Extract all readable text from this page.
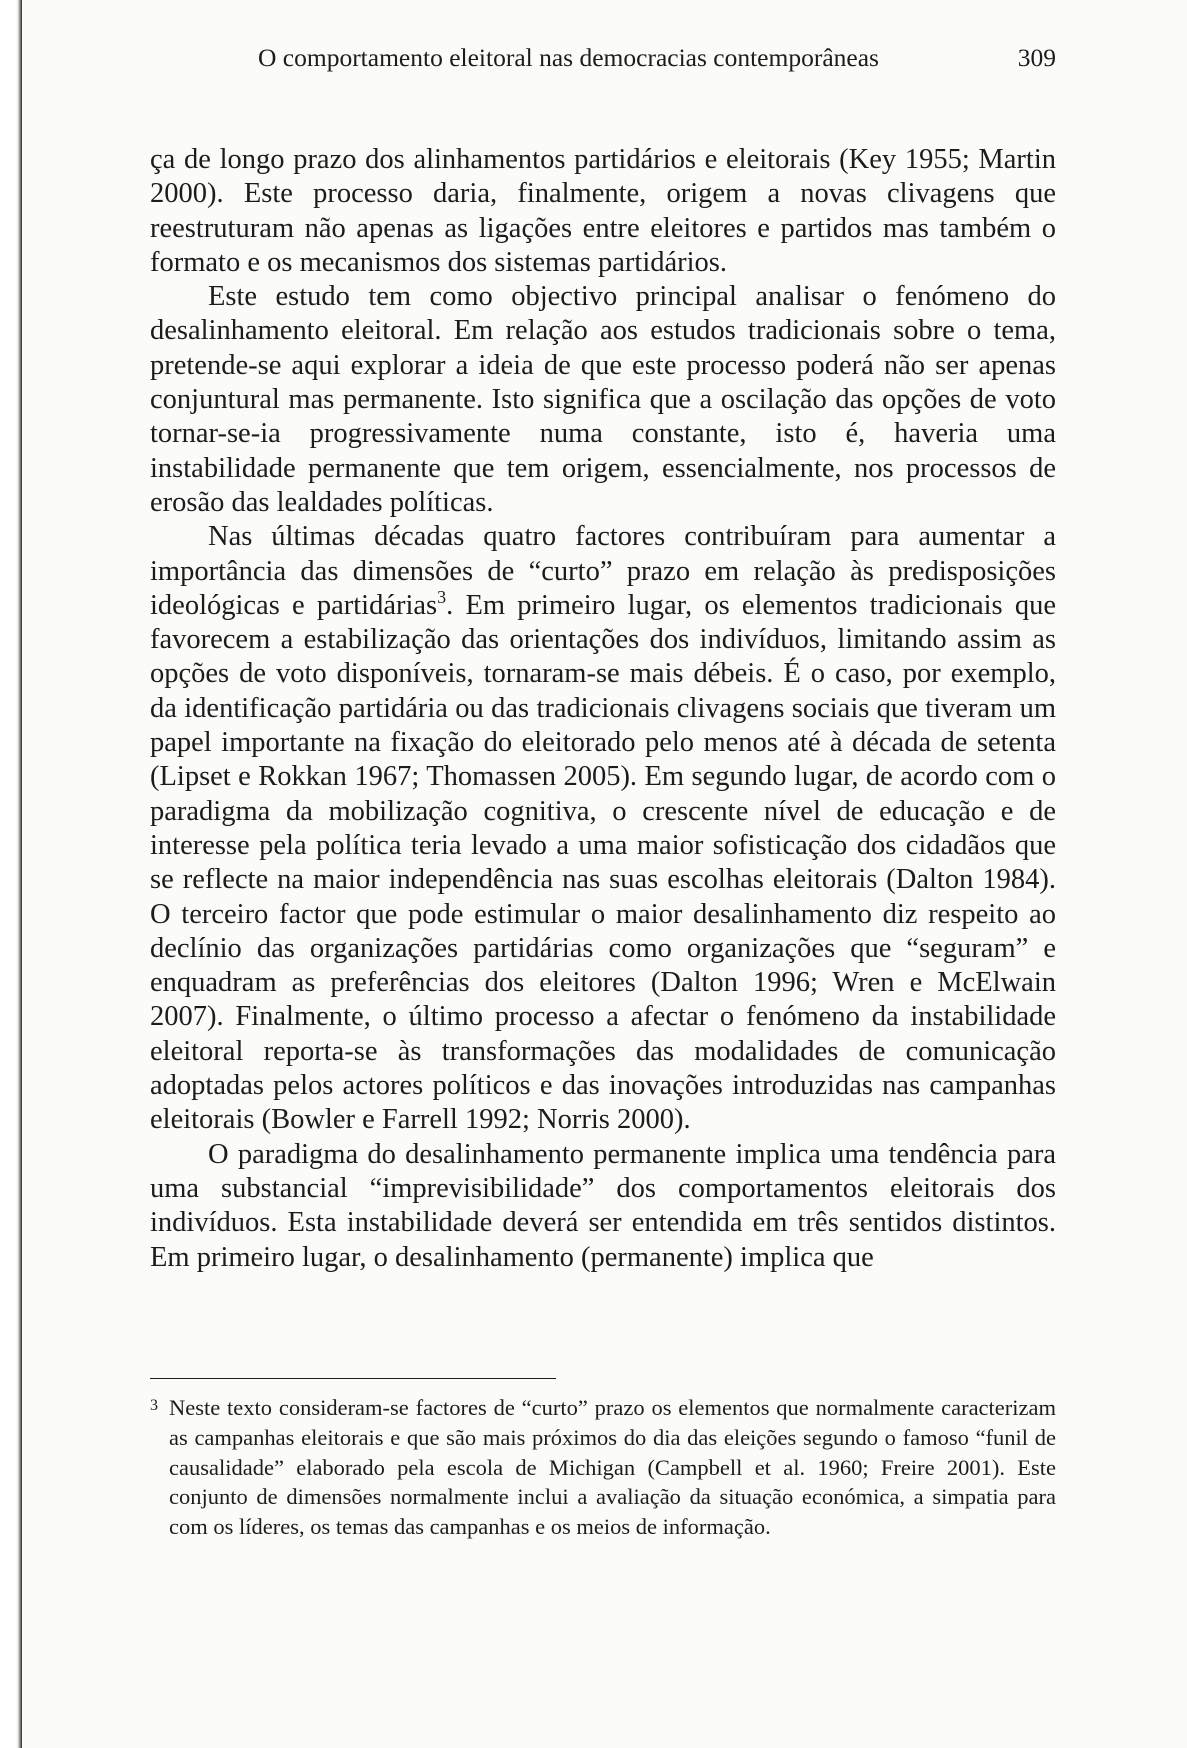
O comportamento eleitoral nas democracias contemporâneas	309

ça de longo prazo dos alinhamentos partidários e eleitorais (Key 1955; Martin 2000). Este processo daria, finalmente, origem a novas clivagens que reestruturam não apenas as ligações entre eleitores e partidos mas também o formato e os mecanismos dos sistemas partidários.

Este estudo tem como objectivo principal analisar o fenómeno do desalinhamento eleitoral. Em relação aos estudos tradicionais sobre o tema, pretende-se aqui explorar a ideia de que este processo poderá não ser apenas conjuntural mas permanente. Isto significa que a oscilação das opções de voto tornar-se-ia progressivamente numa constante, isto é, haveria uma instabilidade permanente que tem origem, essencialmente, nos processos de erosão das lealdades políticas.

Nas últimas décadas quatro factores contribuíram para aumentar a importância das dimensões de “curto” prazo em relação às predisposições ideológicas e partidárias$^3$. Em primeiro lugar, os elementos tradicionais que favorecem a estabilização das orientações dos indivíduos, limitando assim as opções de voto disponíveis, tornaram-se mais débeis. É o caso, por exemplo, da identificação partidária ou das tradicionais clivagens sociais que tiveram um papel importante na fixação do eleitorado pelo menos até à década de setenta (Lipset e Rokkan 1967; Thomassen 2005). Em segundo lugar, de acordo com o paradigma da mobilização cognitiva, o crescente nível de educação e de interesse pela política teria levado a uma maior sofisticação dos cidadãos que se reflecte na maior independência nas suas escolhas eleitorais (Dalton 1984). O terceiro factor que pode estimular o maior desalinhamento diz respeito ao declínio das organizações partidárias como organizações que “seguram” e enquadram as preferências dos eleitores (Dalton 1996; Wren e McElwain 2007). Finalmente, o último processo a afectar o fenómeno da instabilidade eleitoral reporta-se às transformações das modalidades de comunicação adoptadas pelos actores políticos e das inovações introduzidas nas campanhas eleitorais (Bowler e Farrell 1992; Norris 2000).

O paradigma do desalinhamento permanente implica uma tendência para uma substancial “imprevisibilidade” dos comportamentos eleitorais dos indivíduos. Esta instabilidade deverá ser entendida em três sentidos distintos. Em primeiro lugar, o desalinhamento (permanente) implica que

3 Neste texto consideram-se factores de “curto” prazo os elementos que normalmente caracterizam as campanhas eleitorais e que são mais próximos do dia das eleições segundo o famoso “funil de causalidade” elaborado pela escola de Michigan (Campbell et al. 1960; Freire 2001). Este conjunto de dimensões normalmente inclui a avaliação da situação económica, a simpatia para com os líderes, os temas das campanhas e os meios de informação.
